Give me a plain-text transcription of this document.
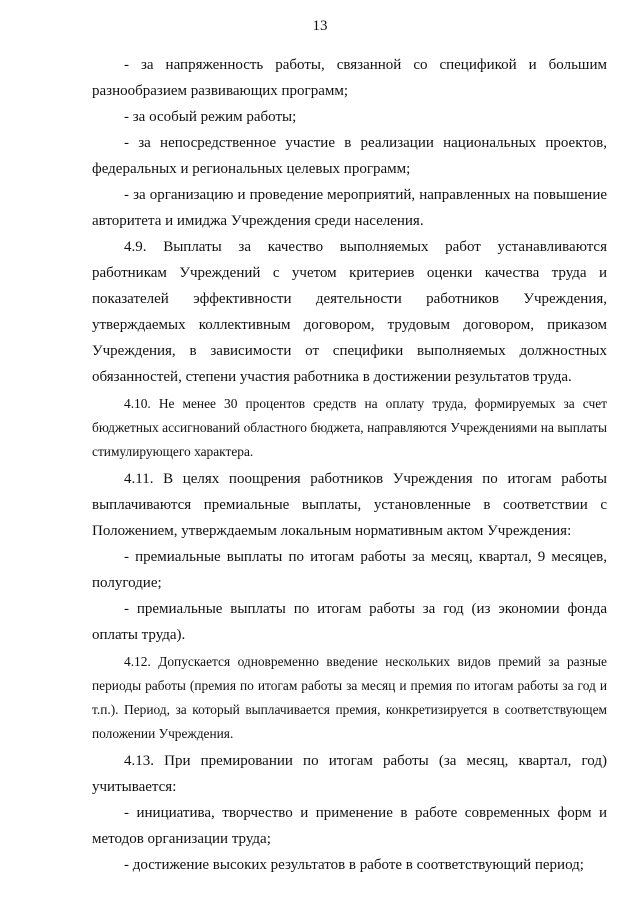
13

- за напряженность работы, связанной со спецификой и большим разнообразием развивающих программ;

- за особый режим работы;

- за непосредственное участие в реализации национальных проектов, федеральных и региональных целевых программ;

- за организацию и проведение мероприятий, направленных на повышение авторитета и имиджа Учреждения среди населения.

4.9. Выплаты за качество выполняемых работ устанавливаются работникам Учреждений с учетом критериев оценки качества труда и показателей эффективности деятельности работников Учреждения, утверждаемых коллективным договором, трудовым договором, приказом Учреждения, в зависимости от специфики выполняемых должностных обязанностей, степени участия работника в достижении результатов труда.

4.10. Не менее 30 процентов средств на оплату труда, формируемых за счет бюджетных ассигнований областного бюджета, направляются Учреждениями на выплаты стимулирующего характера.

4.11. В целях поощрения работников Учреждения по итогам работы выплачиваются премиальные выплаты, установленные в соответствии с Положением, утверждаемым локальным нормативным актом Учреждения:

- премиальные выплаты по итогам работы за месяц, квартал, 9 месяцев, полугодие;

- премиальные выплаты по итогам работы за год (из экономии фонда оплаты труда).

4.12. Допускается одновременно введение нескольких видов премий за разные периоды работы (премия по итогам работы за месяц и премия по итогам работы за год и т.п.). Период, за который выплачивается премия, конкретизируется в соответствующем положении Учреждения.

4.13. При премировании по итогам работы (за месяц, квартал, год) учитывается:

- инициатива, творчество и применение в работе современных форм и методов организации труда;

- достижение высоких результатов в работе в соответствующий период;
